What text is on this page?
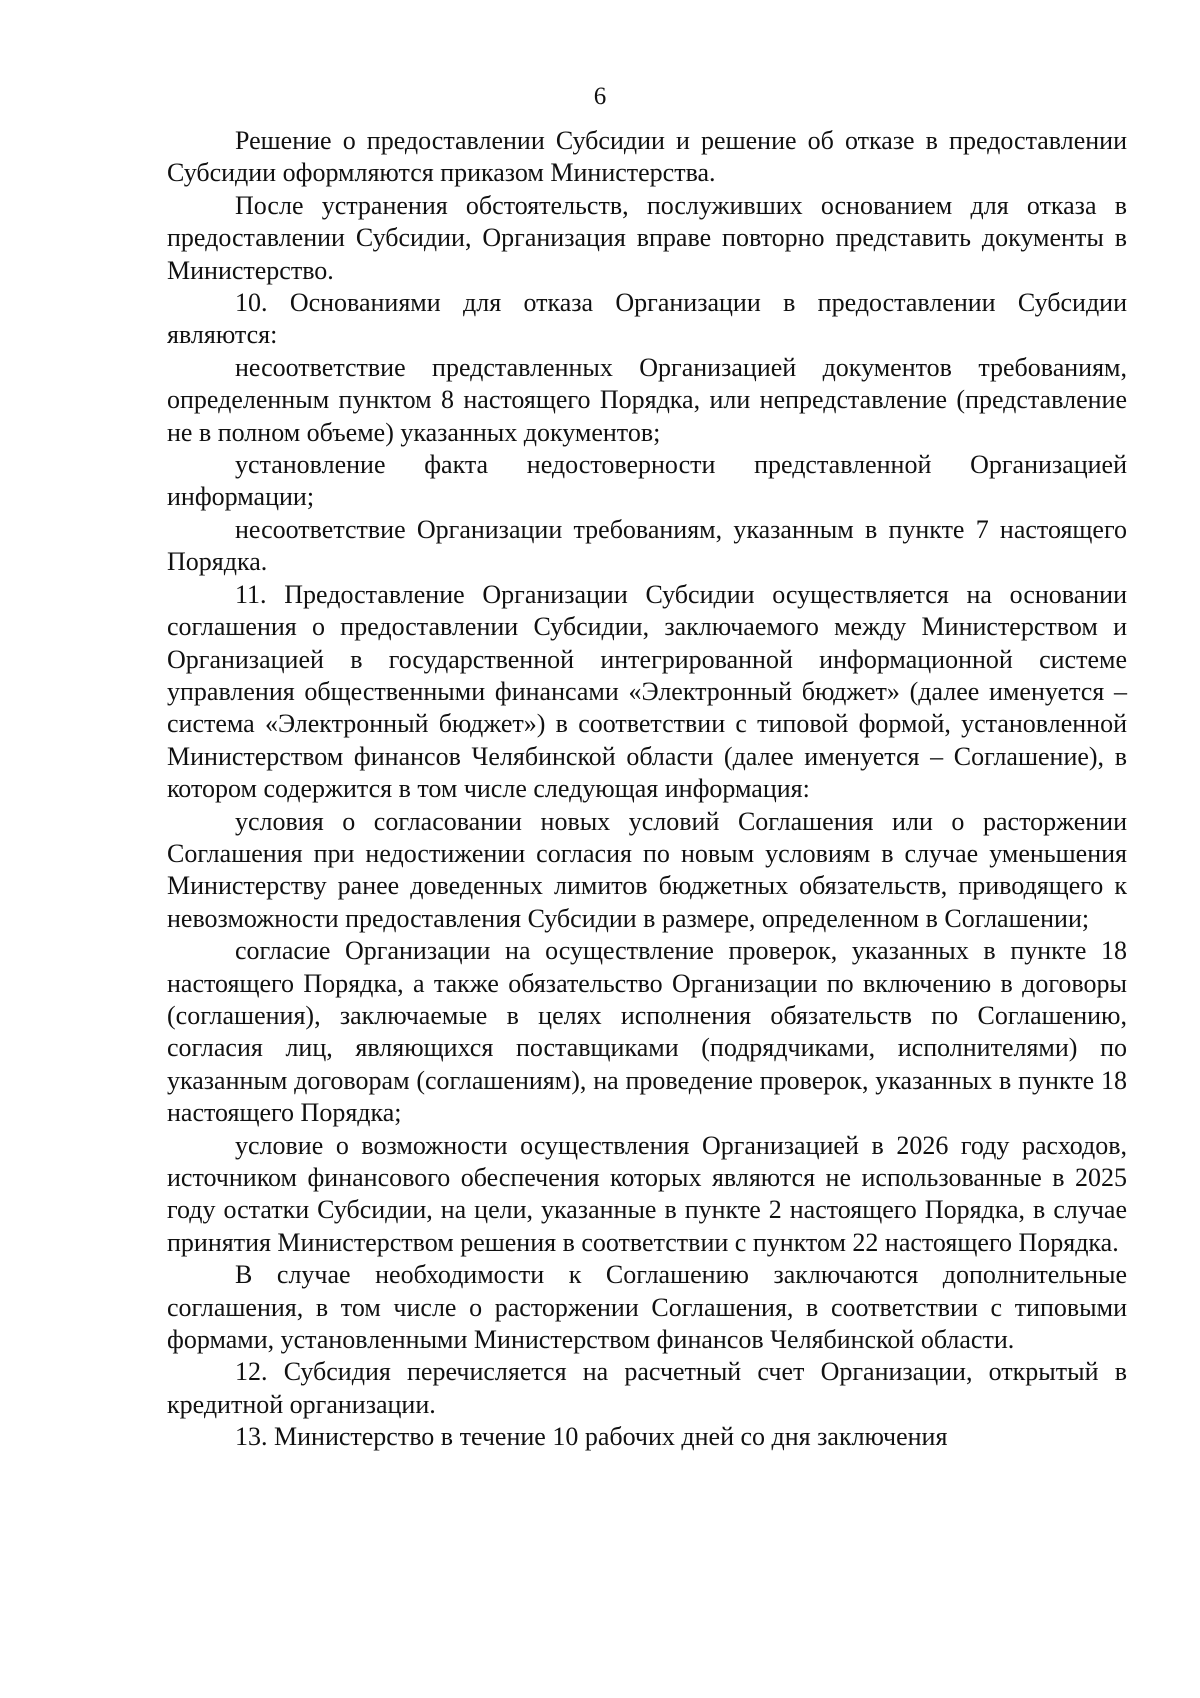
6

Решение о предоставлении Субсидии и решение об отказе в предоставлении Субсидии оформляются приказом Министерства.

После устранения обстоятельств, послуживших основанием для отказа в предоставлении Субсидии, Организация вправе повторно представить документы в Министерство.

10. Основаниями для отказа Организации в предоставлении Субсидии являются:

несоответствие представленных Организацией документов требованиям, определенным пунктом 8 настоящего Порядка, или непредставление (представление не в полном объеме) указанных документов;

установление факта недостоверности представленной Организацией информации;

несоответствие Организации требованиям, указанным в пункте 7 настоящего Порядка.

11. Предоставление Организации Субсидии осуществляется на основании соглашения о предоставлении Субсидии, заключаемого между Министерством и Организацией в государственной интегрированной информационной системе управления общественными финансами «Электронный бюджет» (далее именуется – система «Электронный бюджет») в соответствии с типовой формой, установленной Министерством финансов Челябинской области (далее именуется – Соглашение), в котором содержится в том числе следующая информация:

условия о согласовании новых условий Соглашения или о расторжении Соглашения при недостижении согласия по новым условиям в случае уменьшения Министерству ранее доведенных лимитов бюджетных обязательств, приводящего к невозможности предоставления Субсидии в размере, определенном в Соглашении;

согласие Организации на осуществление проверок, указанных в пункте 18 настоящего Порядка, а также обязательство Организации по включению в договоры (соглашения), заключаемые в целях исполнения обязательств по Соглашению, согласия лиц, являющихся поставщиками (подрядчиками, исполнителями) по указанным договорам (соглашениям), на проведение проверок, указанных в пункте 18 настоящего Порядка;

условие о возможности осуществления Организацией в 2026 году расходов, источником финансового обеспечения которых являются не использованные в 2025 году остатки Субсидии, на цели, указанные в пункте 2 настоящего Порядка, в случае принятия Министерством решения в соответствии с пунктом 22 настоящего Порядка.

В случае необходимости к Соглашению заключаются дополнительные соглашения, в том числе о расторжении Соглашения, в соответствии с типовыми формами, установленными Министерством финансов Челябинской области.

12. Субсидия перечисляется на расчетный счет Организации, открытый в кредитной организации.

13. Министерство в течение 10 рабочих дней со дня заключения
